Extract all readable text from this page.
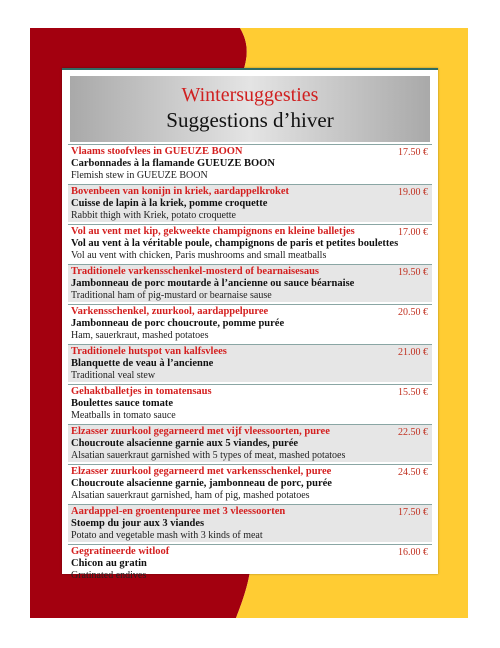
Wintersuggesties
Suggestions d’hiver
Vlaams stoofvlees in GUEUZE BOON
Carbonnades à la flamande GUEUZE BOON
Flemish stew in GUEUZE BOON
17.50 €
Bovenbeen van konijn in kriek, aardappelkroket
Cuisse de lapin à la kriek, pomme croquette
Rabbit thigh with Kriek, potato croquette
19.00 €
Vol au vent met kip, gekweekte champignons en kleine balletjes
Vol au vent à la véritable poule, champignons de paris et petites boulettes
Vol au vent with chicken, Paris mushrooms and small meatballs
17.00 €
Traditionele varkensschenkel-mosterd of bearnaisesaus
Jambonneau de porc moutarde à l’ancienne ou sauce béarnaise
Traditional ham of pig-mustard or bearnaise sause
19.50 €
Varkensschenkel, zuurkool, aardappelpuree
Jambonneau de porc choucroute, pomme purée
Ham, sauerkraut, mashed potatoes
20.50 €
Traditionele hutspot van kalfsvlees
Blanquette de veau à l’ancienne
Traditional veal stew
21.00 €
Gehaktballetjes in tomatensaus
Boulettes sauce tomate
Meatballs in tomato sauce
15.50 €
Elzasser zuurkool gegarneerd met vijf vleessoorten, puree
Choucroute alsacienne garnie aux 5 viandes, purée
Alsatian sauerkraut garnished with 5 types of meat, mashed potatoes
22.50 €
Elzasser zuurkool gegarneerd met varkensschenkel, puree
Choucroute alsacienne garnie, jambonneau de porc, purée
Alsatian sauerkraut garnished, ham of pig, mashed potatoes
24.50 €
Aardappel-en groentenpuree met 3 vleessoorten
Stoemp du jour aux 3 viandes
Potato and vegetable mash with 3 kinds of meat
17.50 €
Gegratineerde witloof
Chicon au gratin
Gratinated endives
16.00 €
